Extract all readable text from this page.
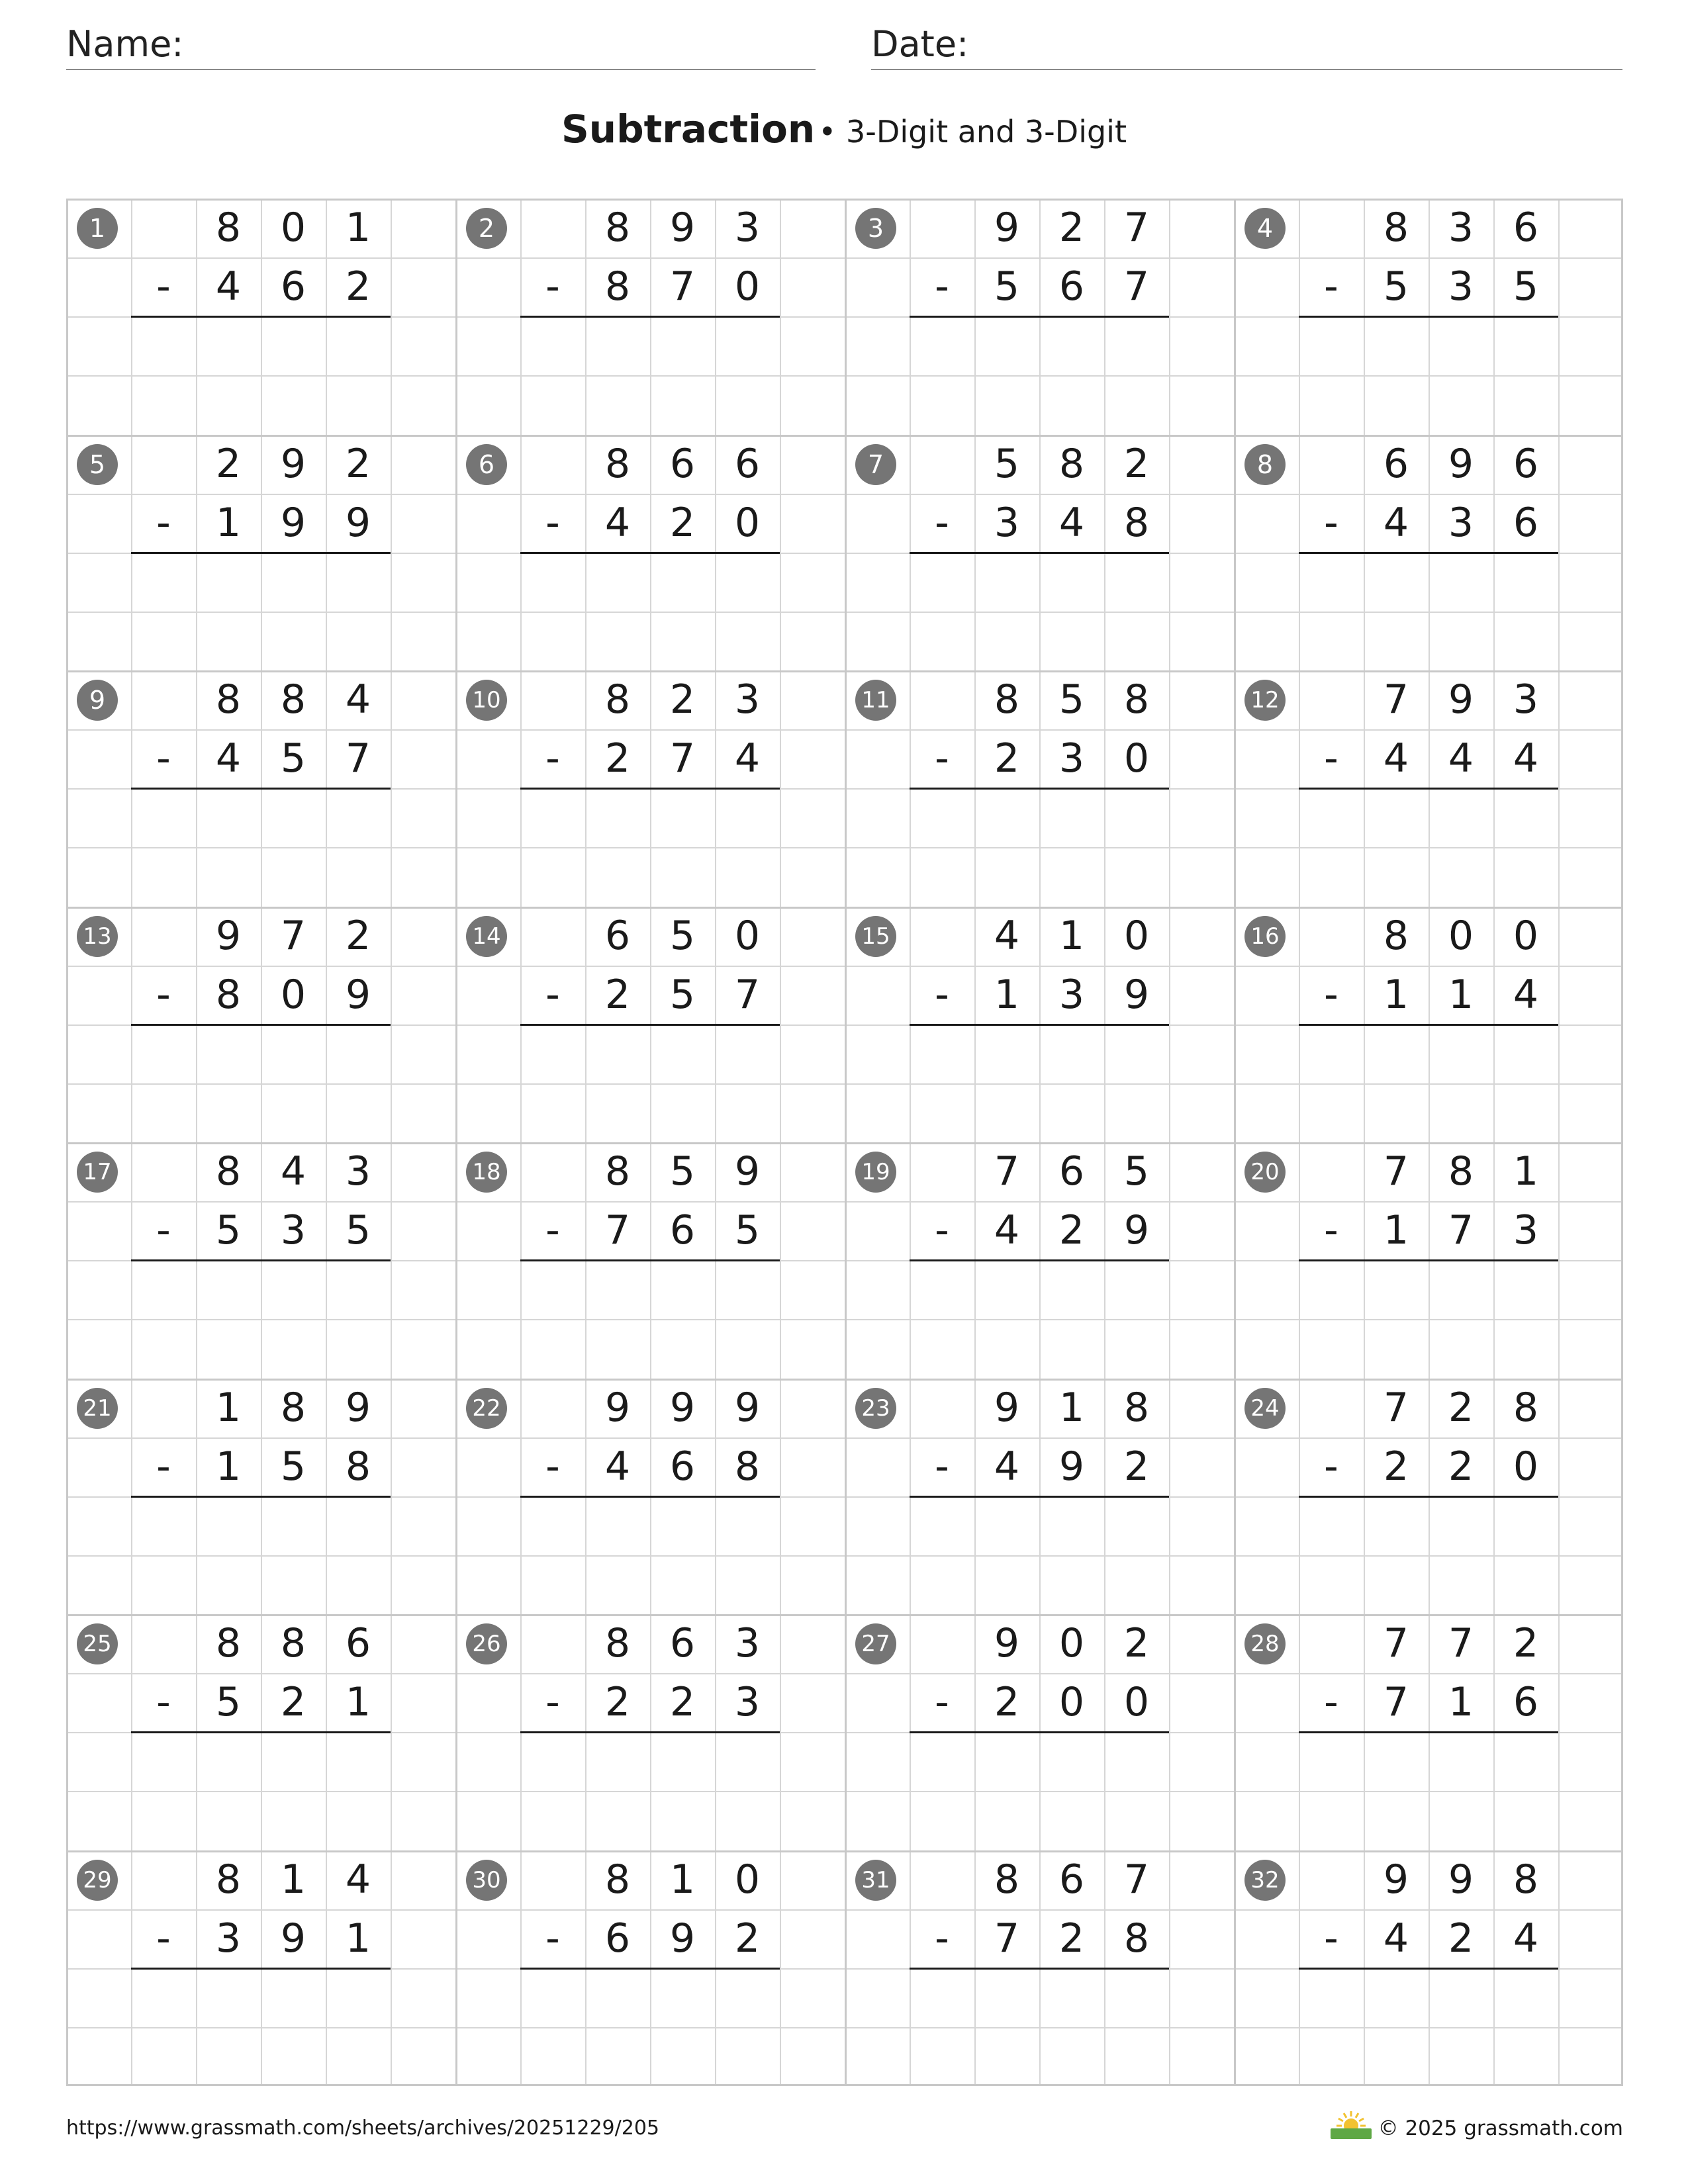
Name:	Date:
Subtraction • 3-Digit and 3-Digit
1	8 0 1
-	4 6 2
2	8 9 3
-	8 7 0
3	9 2 7
-	5 6 7
4	8 3 6
-	5 3 5
5	2 9 2
-	1 9 9
6	8 6 6
-	4 2 0
7	5 8 2
-	3 4 8
8	6 9 6
-	4 3 6
9	8 8 4
-	4 5 7
10	8 2 3
-	2 7 4
11	8 5 8
-	2 3 0
12	7 9 3
-	4 4 4
13	9 7 2
-	8 0 9
14	6 5 0
-	2 5 7
15	4 1 0
-	1 3 9
16	8 0 0
-	1 1 4
17	8 4 3
-	5 3 5
18	8 5 9
-	7 6 5
19	7 6 5
-	4 2 9
20	7 8 1
-	1 7 3
21	1 8 9
-	1 5 8
22	9 9 9
-	4 6 8
23	9 1 8
-	4 9 2
24	7 2 8
-	2 2 0
25	8 8 6
-	5 2 1
26	8 6 3
-	2 2 3
27	9 0 2
-	2 0 0
28	7 7 2
-	7 1 6
29	8 1 4
-	3 9 1
30	8 1 0
-	6 9 2
31	8 6 7
-	7 2 8
32	9 9 8
-	4 2 4
https://www.grassmath.com/sheets/archives/20251229/205	© 2025 grassmath.com
